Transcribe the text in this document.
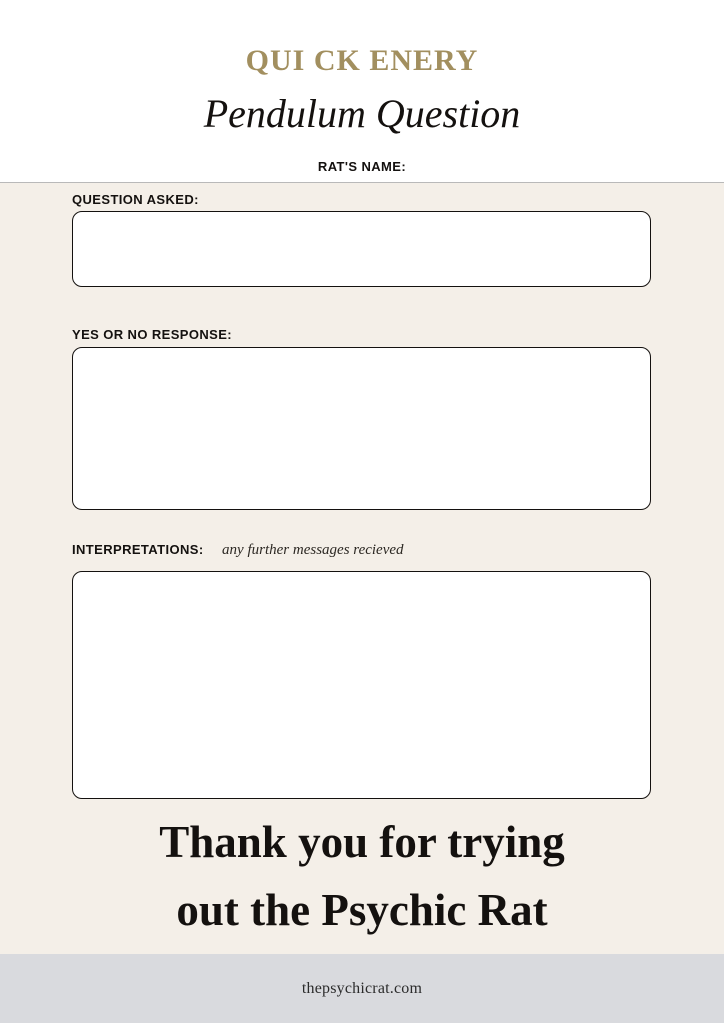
QUI CK ENERY
Pendulum Question
RAT'S NAME:
QUESTION ASKED:
YES OR NO RESPONSE:
INTERPRETATIONS: any further messages recieved
Thank you for trying
out the Psychic Rat
thepsychicrat.com
